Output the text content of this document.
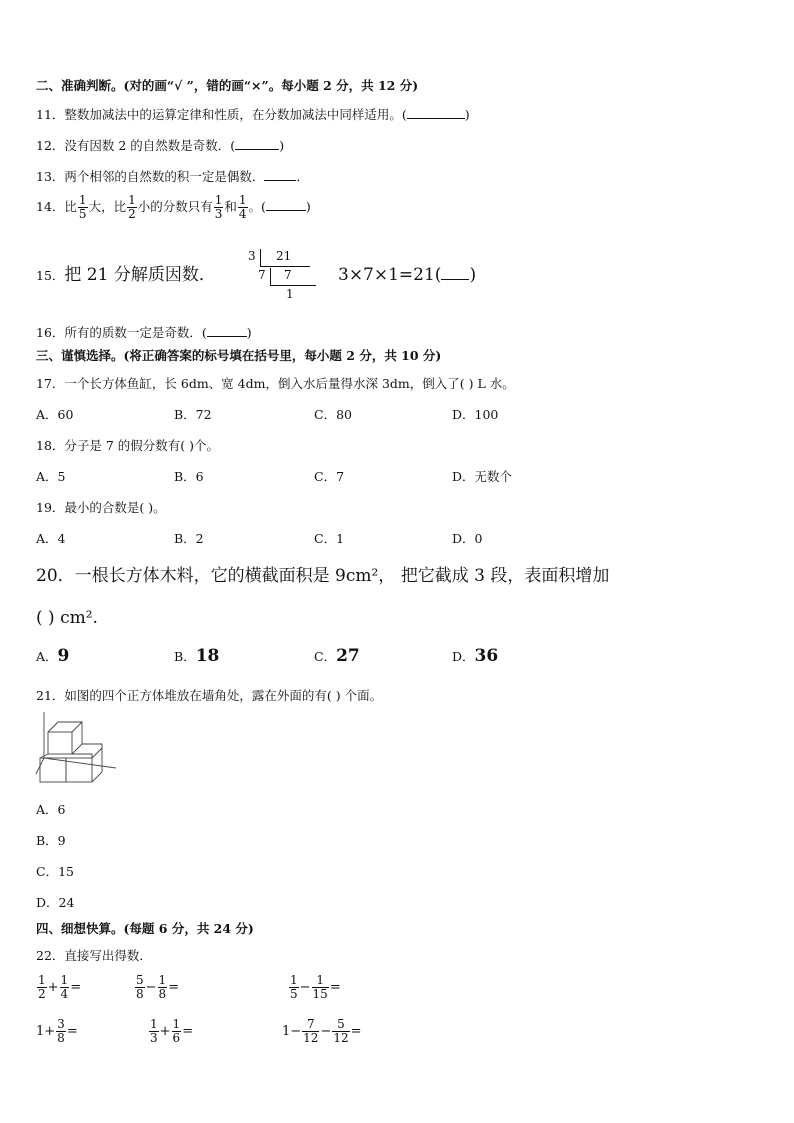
二、准确判断。(对的画“√ ”，错的画“×”。每小题 2 分，共 12 分)
11．整数加减法中的运算定律和性质，在分数加减法中同样适用。(	)
12．没有因数 2 的自然数是奇数．(	)
13．两个相邻的自然数的积一定是偶数．	．
14．比 $\frac{1}{5}$ 大，比 $\frac{1}{2}$ 小的分数只有 $\frac{1}{3}$ 和 $\frac{1}{4}$ 。(	)
15．把 21 分解质因数．
3 21
7 7
1
3×7×1=21( )
16．所有的质数一定是奇数．(	)
三、谨慎选择。(将正确答案的标号填在括号里，每小题 2 分，共 10 分)
17．一个长方体鱼缸，长 6dm、宽 4dm，倒入水后量得水深 3dm，倒入了( ) L 水。
A．60	B．72	C．80	D．100
18．分子是 7 的假分数有( )个。
A．5	B．6	C．7	D．无数个
19．最小的合数是( )。
A．4	B．2	C．1	D．0
20．一根长方体木料，它的横截面积是 9cm²， 把它截成 3 段，表面积增加
( ) cm².
A．9	B．18	C．27	D．36
21．如图的四个正方体堆放在墙角处，露在外面的有( ) 个面。
A．6
B．9
C．15
D．24
四、细想快算。(每题 6 分，共 24 分)
22．直接写出得数．
$\frac{1}{2} + \frac{1}{4}$ =	$\frac{5}{8} - \frac{1}{8}$ =	$\frac{1}{5} - \frac{1}{15}$ =
$1+ \frac{3}{8}$ =	$\frac{1}{3} + \frac{1}{6}$ =	$1- \frac{7}{12} - \frac{5}{12}$ =
